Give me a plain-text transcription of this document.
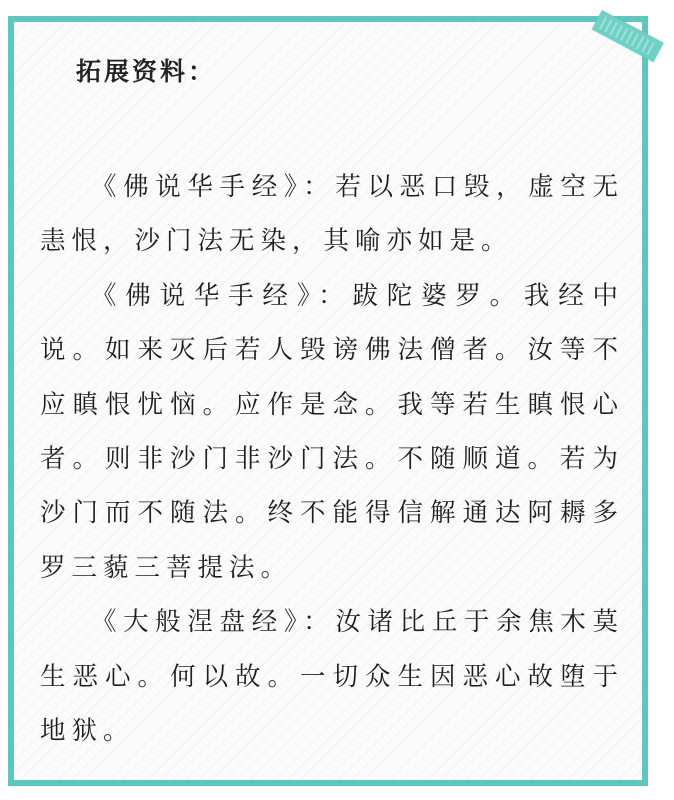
拓展资料：

《佛说华手经》：若以恶口毁，虚空无恚恨，沙门法无染，其喻亦如是。

《佛说华手经》：跋陀婆罗。我经中说。如来灭后若人毁谤佛法僧者。汝等不应瞋恨忧恼。应作是念。我等若生瞋恨心者。则非沙门非沙门法。不随顺道。若为沙门而不随法。终不能得信解通达阿耨多罗三藐三菩提法。

《大般涅盘经》：汝诸比丘于余焦木莫生恶心。何以故。一切众生因恶心故堕于地狱。
